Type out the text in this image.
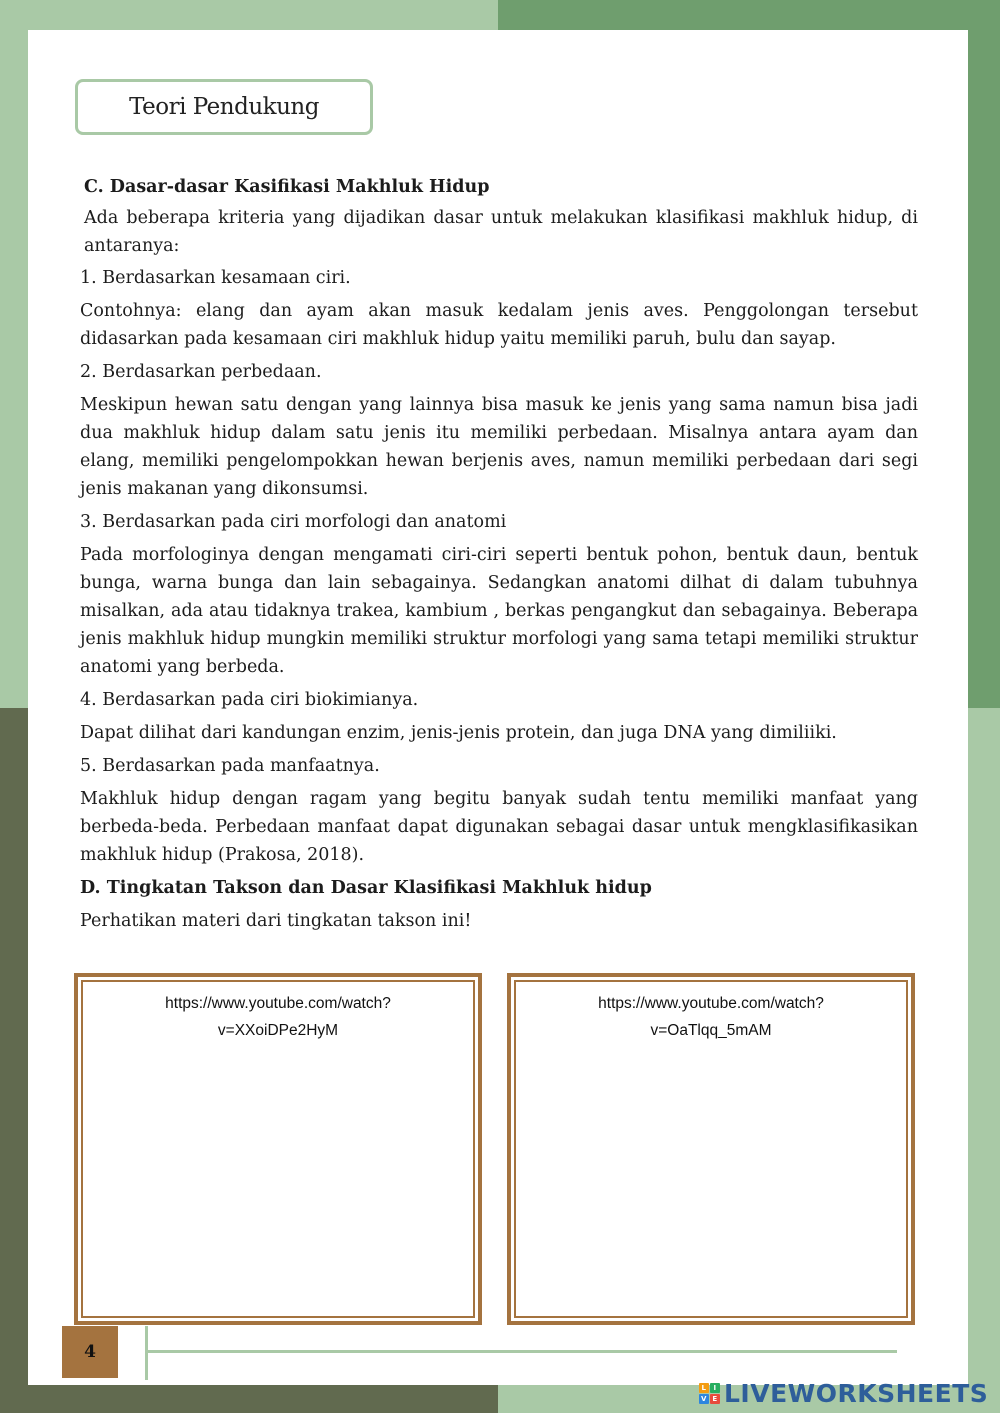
Teori Pendukung

C. Dasar-dasar Kasifikasi Makhluk Hidup

Ada beberapa kriteria yang dijadikan dasar untuk melakukan klasifikasi makhluk hidup, di antaranya:

1. Berdasarkan kesamaan ciri.

Contohnya: elang dan ayam akan masuk kedalam jenis aves. Penggolongan tersebut didasarkan pada kesamaan ciri makhluk hidup yaitu memiliki paruh, bulu dan sayap.

2. Berdasarkan perbedaan.

Meskipun hewan satu dengan yang lainnya bisa masuk ke jenis yang sama namun bisa jadi dua makhluk hidup dalam satu jenis itu memiliki perbedaan. Misalnya antara ayam dan elang, memiliki pengelompokkan hewan berjenis aves, namun memiliki perbedaan dari segi jenis makanan yang dikonsumsi.

3. Berdasarkan pada ciri morfologi dan anatomi

Pada morfologinya dengan mengamati ciri-ciri seperti bentuk pohon, bentuk daun, bentuk bunga, warna bunga dan lain sebagainya. Sedangkan anatomi dilhat di dalam tubuhnya misalkan, ada atau tidaknya trakea, kambium , berkas pengangkut dan sebagainya. Beberapa jenis makhluk hidup mungkin memiliki struktur morfologi yang sama tetapi memiliki struktur anatomi yang berbeda.

4. Berdasarkan pada ciri biokimianya.

Dapat dilihat dari kandungan enzim, jenis-jenis protein, dan juga DNA yang dimiliiki.

5. Berdasarkan pada manfaatnya.

Makhluk hidup dengan ragam yang begitu banyak sudah tentu memiliki manfaat yang berbeda-beda. Perbedaan manfaat dapat digunakan sebagai dasar untuk mengklasifikasikan makhluk hidup (Prakosa, 2018).

D. Tingkatan Takson dan Dasar Klasifikasi Makhluk hidup

Perhatikan materi dari tingkatan takson ini!

https://www.youtube.com/watch?
v=XXoiDPe2HyM
https://www.youtube.com/watch?
v=OaTlqq_5mAM
4
L I
V E LIVEWORKSHEETS
